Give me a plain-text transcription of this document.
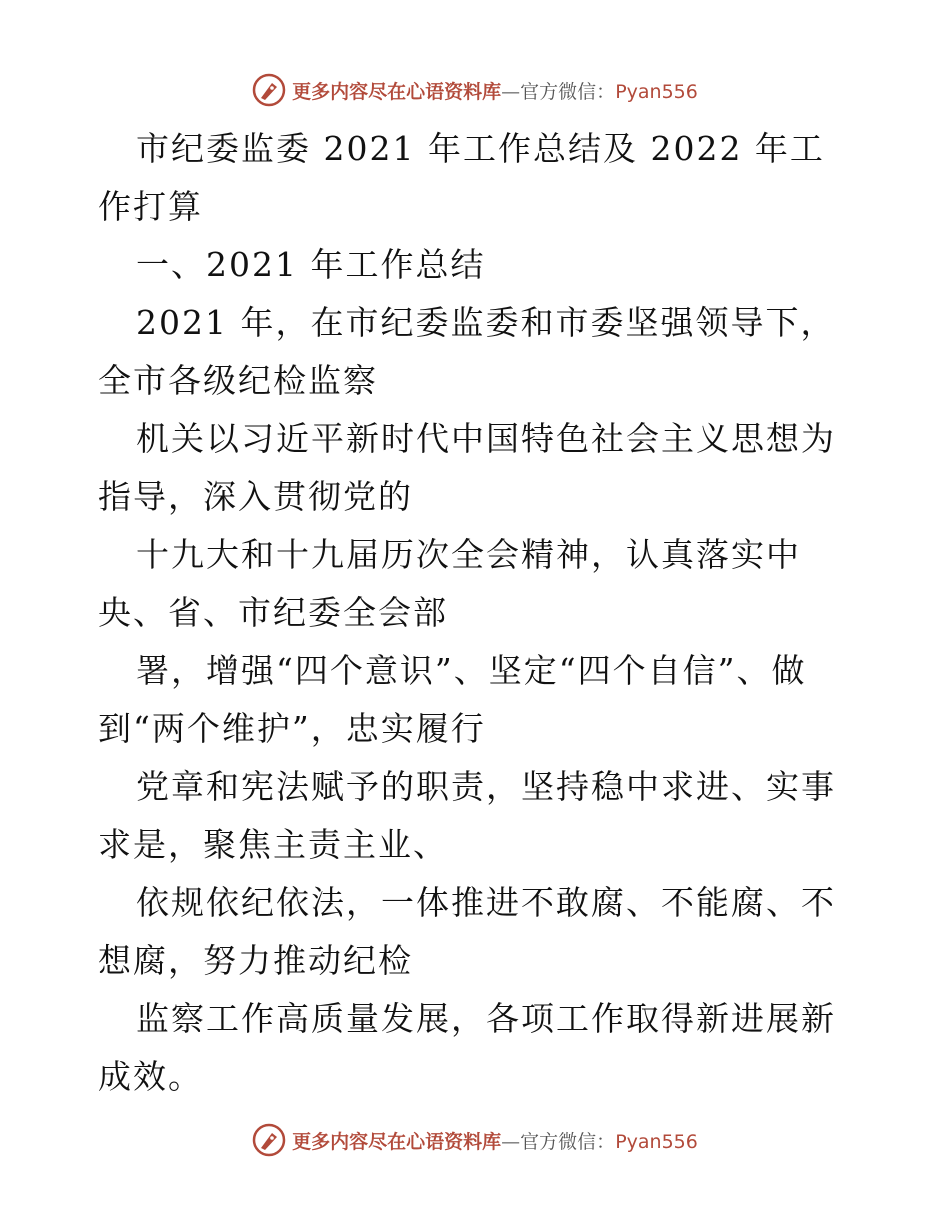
更多内容尽在心语资料库—官方微信：Pyan556

市纪委监委 2021 年工作总结及 2022 年工作打算

一、2021 年工作总结

2021 年，在市纪委监委和市委坚强领导下，全市各级纪检监察

机关以习近平新时代中国特色社会主义思想为指导，深入贯彻党的

十九大和十九届历次全会精神，认真落实中央、省、市纪委全会部

署，增强“四个意识”、坚定“四个自信”、做到“两个维护”，忠实履行

党章和宪法赋予的职责，坚持稳中求进、实事求是，聚焦主责主业、

依规依纪依法，一体推进不敢腐、不能腐、不想腐，努力推动纪检

监察工作高质量发展，各项工作取得新进展新成效。

更多内容尽在心语资料库—官方微信：Pyan556
